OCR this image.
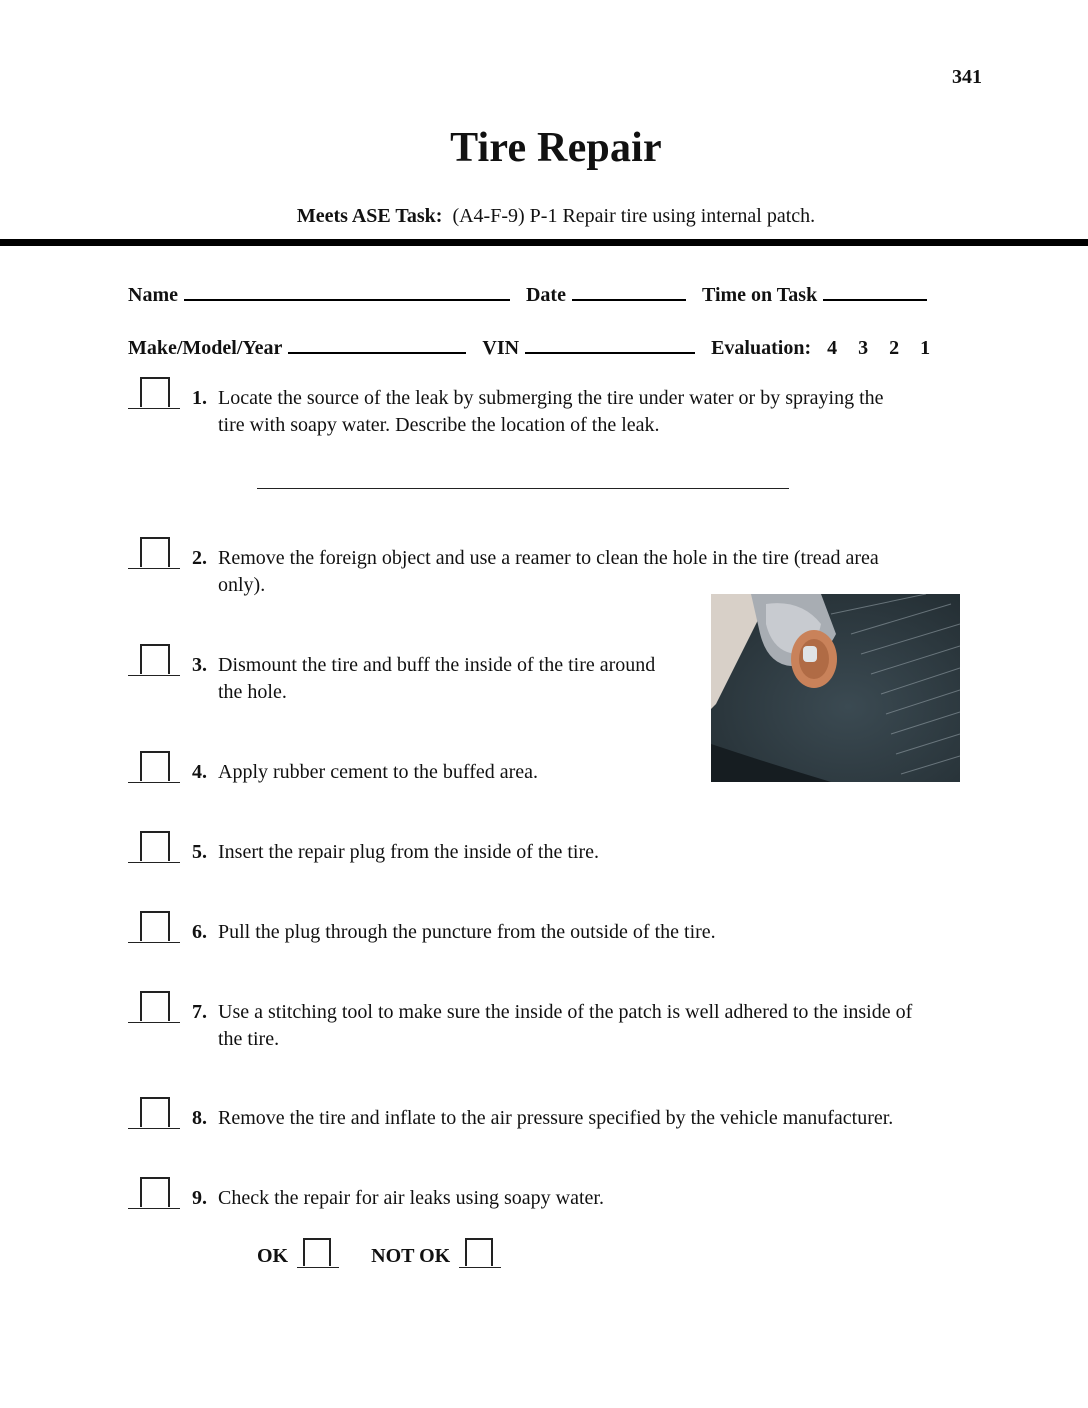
341
Tire Repair
Meets ASE Task: (A4-F-9) P-1 Repair tire using internal patch.
Name	Date	Time on Task
Make/Model/Year	VIN	Evaluation: 4 3 2 1
1. Locate the source of the leak by submerging the tire under water or by spraying the
tire with soapy water. Describe the location of the leak.
2. Remove the foreign object and use a reamer to clean the hole in the tire (tread area
only).
3. Dismount the tire and buff the inside of the tire around
the hole.
4. Apply rubber cement to the buffed area.
5. Insert the repair plug from the inside of the tire.
6. Pull the plug through the puncture from the outside of the tire.
7. Use a stitching tool to make sure the inside of the patch is well adhered to the inside of
the tire.
8. Remove the tire and inflate to the air pressure specified by the vehicle manufacturer.
9. Check the repair for air leaks using soapy water.
OK	NOT OK
